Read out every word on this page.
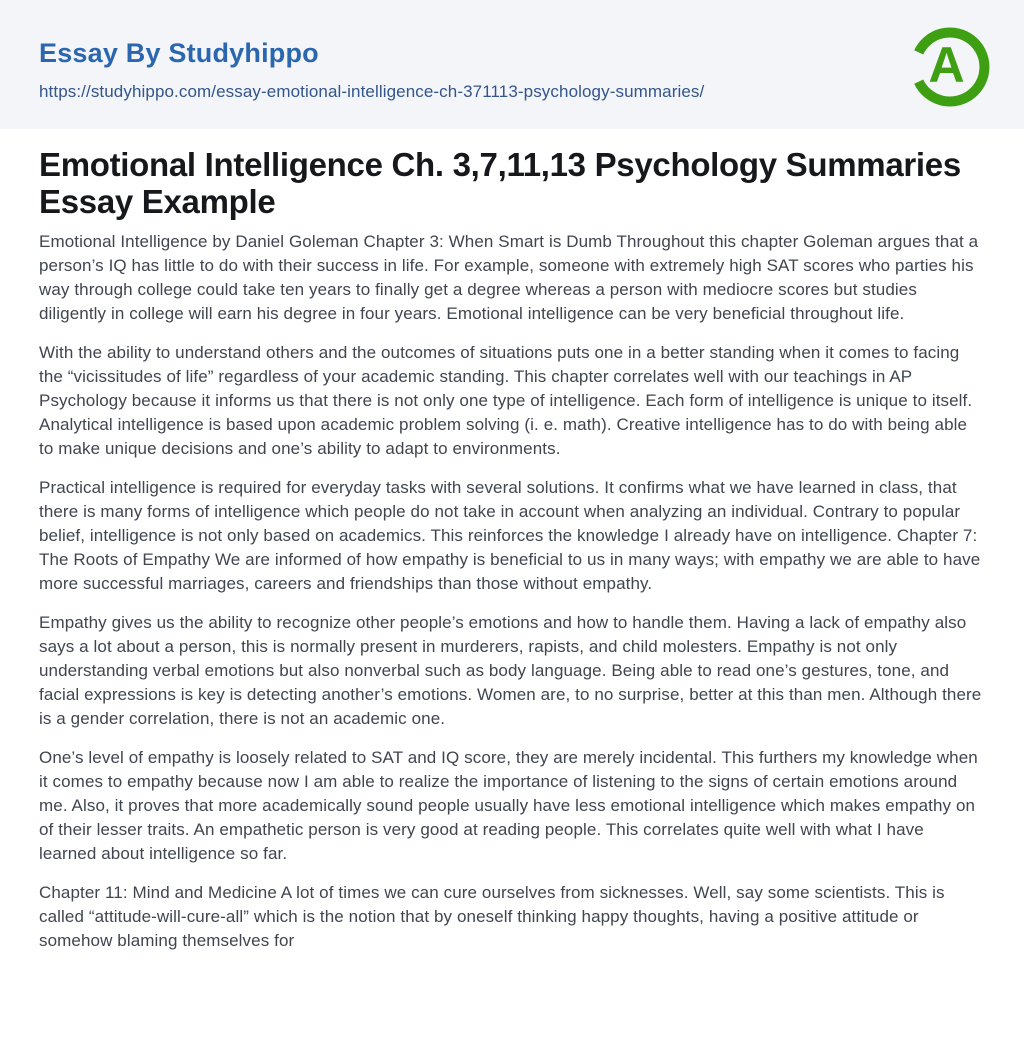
Essay By Studyhippo
https://studyhippo.com/essay-emotional-intelligence-ch-371113-psychology-summaries/	A
Emotional Intelligence Ch. 3,7,11,13 Psychology Summaries Essay Example

Emotional Intelligence by Daniel Goleman Chapter 3: When Smart is Dumb Throughout this chapter Goleman argues that a person’s IQ has little to do with their success in life. For example, someone with extremely high SAT scores who parties his way through college could take ten years to finally get a degree whereas a person with mediocre scores but studies diligently in college will earn his degree in four years. Emotional intelligence can be very beneficial throughout life.

With the ability to understand others and the outcomes of situations puts one in a better standing when it comes to facing the “vicissitudes of life” regardless of your academic standing. This chapter correlates well with our teachings in AP Psychology because it informs us that there is not only one type of intelligence. Each form of intelligence is unique to itself. Analytical intelligence is based upon academic problem solving (i. e. math). Creative intelligence has to do with being able to make unique decisions and one’s ability to adapt to environments.

Practical intelligence is required for everyday tasks with several solutions. It confirms what we have learned in class, that there is many forms of intelligence which people do not take in account when analyzing an individual. Contrary to popular belief, intelligence is not only based on academics. This reinforces the knowledge I already have on intelligence. Chapter 7: The Roots of Empathy We are informed of how empathy is beneficial to us in many ways; with empathy we are able to have more successful marriages, careers and friendships than those without empathy.

Empathy gives us the ability to recognize other people’s emotions and how to handle them. Having a lack of empathy also says a lot about a person, this is normally present in murderers, rapists, and child molesters. Empathy is not only understanding verbal emotions but also nonverbal such as body language. Being able to read one’s gestures, tone, and facial expressions is key is detecting another’s emotions. Women are, to no surprise, better at this than men. Although there is a gender correlation, there is not an academic one.

One’s level of empathy is loosely related to SAT and IQ score, they are merely incidental. This furthers my knowledge when it comes to empathy because now I am able to realize the importance of listening to the signs of certain emotions around me. Also, it proves that more academically sound people usually have less emotional intelligence which makes empathy on of their lesser traits. An empathetic person is very good at reading people. This correlates quite well with what I have learned about intelligence so far.

Chapter 11: Mind and Medicine A lot of times we can cure ourselves from sicknesses. Well, say some scientists. This is called “attitude-will-cure-all” which is the notion that by oneself thinking happy thoughts, having a positive attitude or somehow blaming themselves for
